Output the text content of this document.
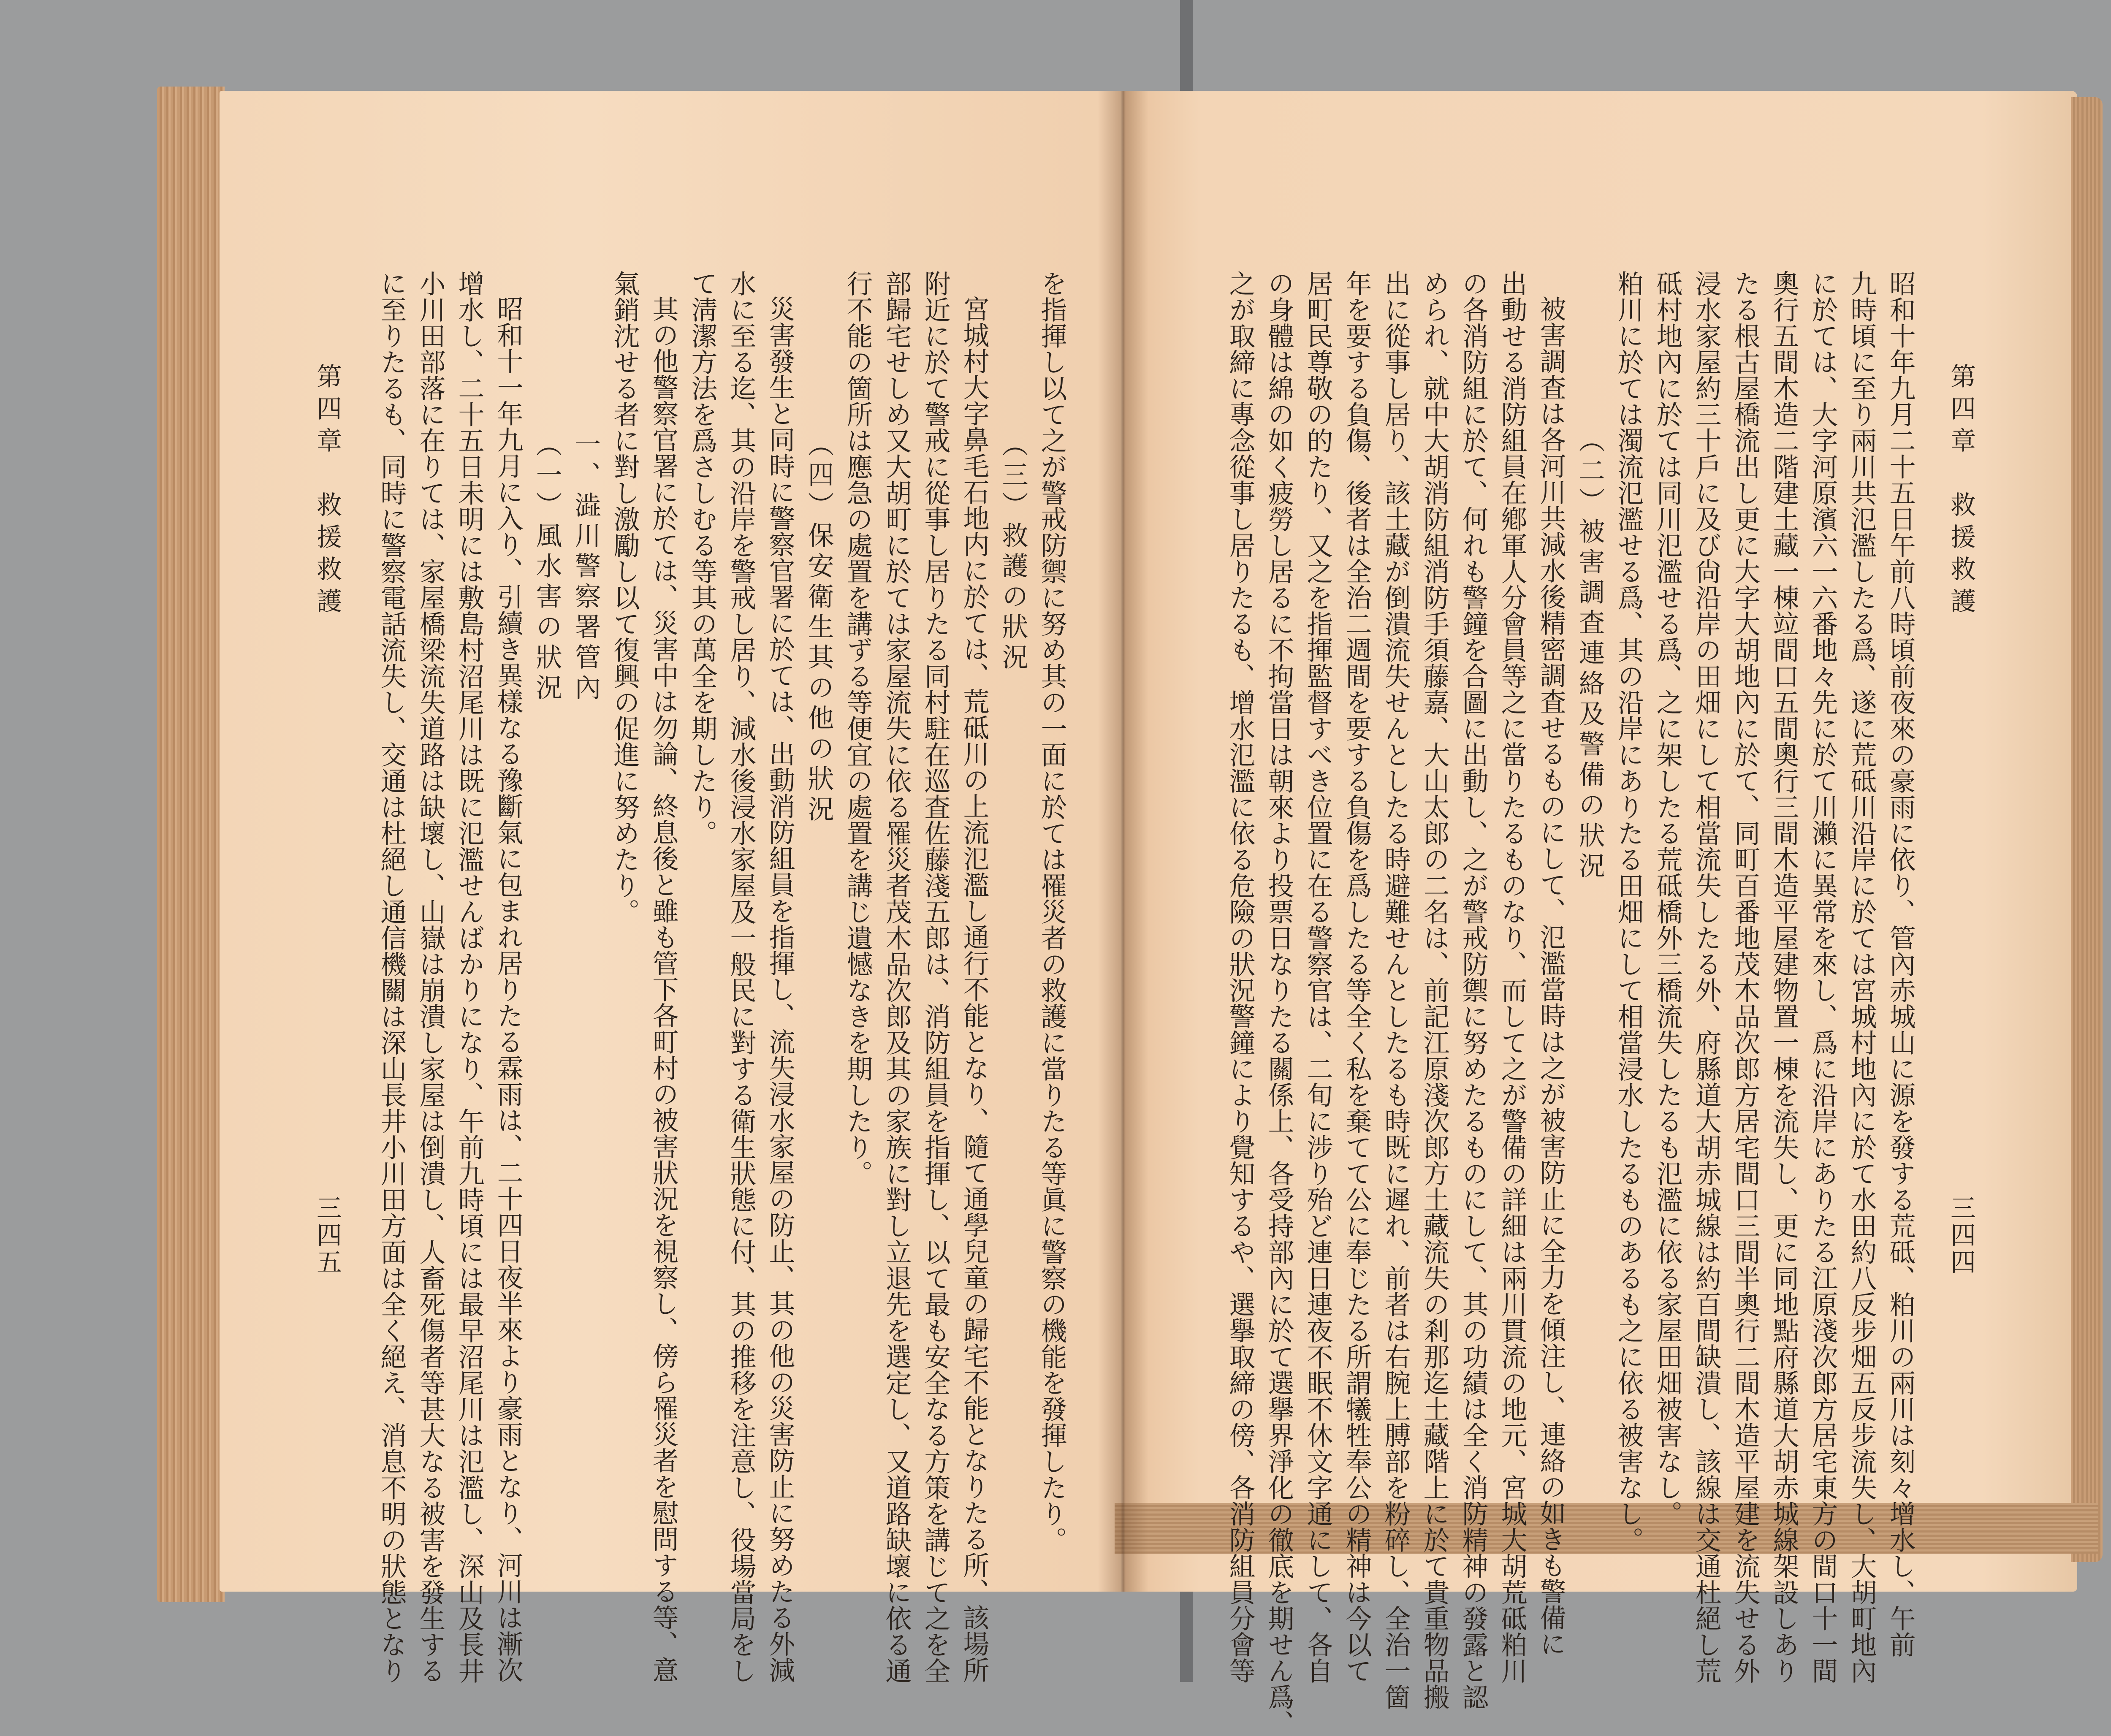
第四章　救援救護
三四五
第四章　救援救護
三四四
を指揮し以て之が警戒防禦に努め其の一面に於ては罹災者の救護に當りたる等眞に警察の機能を發揮したり。
（三）救護の狀況
宮城村大字鼻毛石地内に於ては、荒砥川の上流氾濫し通行不能となり、隨て通學兒童の歸宅不能となりたる所、該場所
附近に於て警戒に從事し居りたる同村駐在巡査佐藤淺五郎は、消防組員を指揮し、以て最も安全なる方策を講じて之を全
部歸宅せしめ又大胡町に於ては家屋流失に依る罹災者茂木品次郎及其の家族に對し立退先を選定し、又道路缺壞に依る通
行不能の箇所は應急の處置を講ずる等便宜の處置を講じ遺憾なきを期したり。
（四）保安衛生其の他の狀況
災害發生と同時に警察官署に於ては、出動消防組員を指揮し、流失浸水家屋の防止、其の他の災害防止に努めたる外減
水に至る迄、其の沿岸を警戒し居り、減水後浸水家屋及一般民に對する衛生狀態に付、其の推移を注意し、役場當局をし
て淸潔方法を爲さしむる等其の萬全を期したり。
其の他警察官署に於ては、災害中は勿論、終息後と雖も管下各町村の被害狀況を視察し、傍ら罹災者を慰問する等、意
氣銷沈せる者に對し激勵し以て復興の促進に努めたり。
一、澁川警察署管內
（一）風水害の狀況
昭和十一年九月に入り、引續き異樣なる豫斷氣に包まれ居りたる霖雨は、二十四日夜半來より豪雨となり、河川は漸次
增水し、二十五日未明には敷島村沼尾川は既に氾濫せんばかりになり、午前九時頃には最早沼尾川は氾濫し、深山及長井
小川田部落に在りては、家屋橋梁流失道路は缺壞し、山嶽は崩潰し家屋は倒潰し、人畜死傷者等甚大なる被害を發生する
に至りたるも、同時に警察電話流失し、交通は杜絕し通信機關は深山長井小川田方面は全く絕え、消息不明の狀態となり	昭和十年九月二十五日午前八時頃前夜來の豪雨に依り、管內赤城山に源を發する荒砥、粕川の兩川は刻々增水し、午前
九時頃に至り兩川共氾濫したる爲、遂に荒砥川沿岸に於ては宮城村地內に於て水田約八反步畑五反步流失し、大胡町地內
に於ては、大字河原濱六一六番地々先に於て川瀨に異常を來し、爲に沿岸にありたる江原淺次郎方居宅東方の間口十一間
奧行五間木造二階建土藏一棟竝間口五間奧行三間木造平屋建物置一棟を流失し、更に同地點府縣道大胡赤城線架設しあり
たる根古屋橋流出し更に大字大胡地內に於て、同町百番地茂木品次郎方居宅間口三間半奧行二間木造平屋建を流失せる外
浸水家屋約三十戶に及び尙沿岸の田畑にして相當流失したる外、府縣道大胡赤城線は約百間缺潰し、該線は交通杜絕し荒
砥村地內に於ては同川氾濫せる爲、之に架したる荒砥橋外三橋流失したるも氾濫に依る家屋田畑被害なし。
粕川に於ては濁流氾濫せる爲、其の沿岸にありたる田畑にして相當浸水したるものあるも之に依る被害なし。
（二）被害調査連絡及警備の狀況
被害調査は各河川共減水後精密調査せるものにして、氾濫當時は之が被害防止に全力を傾注し、連絡の如きも警備に
出動せる消防組員在鄕軍人分會員等之に當りたるものなり、而して之が警備の詳細は兩川貫流の地元、宮城大胡荒砥粕川
の各消防組に於て、何れも警鐘を合圖に出動し、之が警戒防禦に努めたるものにして、其の功績は全く消防精神の發露と認
められ、就中大胡消防組消防手須藤嘉、大山太郎の二名は、前記江原淺次郎方土藏流失の剎那迄土藏階上に於て貴重物品搬
出に從事し居り、該土藏が倒潰流失せんとしたる時避難せんとしたるも時既に遲れ、前者は右腕上膊部を粉碎し、全治一箇
年を要する負傷、後者は全治二週間を要する負傷を爲したる等全く私を棄てて公に奉じたる所謂犧牲奉公の精神は今以て
居町民尊敬の的たり、又之を指揮監督すべき位置に在る警察官は、二旬に涉り殆ど連日連夜不眠不休文字通にして、各自
の身體は綿の如く疲勞し居るに不拘當日は朝來より投票日なりたる關係上、各受持部內に於て選擧界淨化の徹底を期せん爲、
之が取締に專念從事し居りたるも、增水氾濫に依る危險の狀況警鐘により覺知するや、選擧取締の傍、各消防組員分會等
